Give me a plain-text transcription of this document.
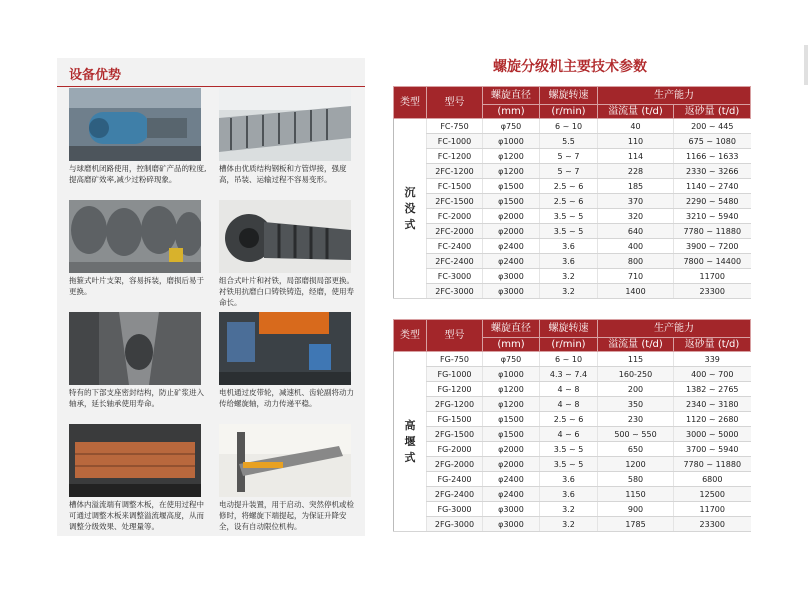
设备优势
与球磨机闭路使用，控制磨矿产品的粒度,提高磨矿效率,减少过粉碎现象。
槽体由优质结构钢板和方管焊接，强度高，吊装、运输过程不容易变形。
拖箍式叶片支架，容易拆装，磨损后易于更换。
组合式叶片和衬铁，局部磨损局部更换。衬铁用抗磨白口铸铁铸造，经磨，使用寿命长。
特有的下部支座密封结构，防止矿浆进入轴承，延长轴承使用寿命。
电机通过皮带轮，减速机、齿轮副将动力传给螺旋轴，动力传递平稳。
槽体内溢流端有调整木板，在使用过程中可通过调整木板来调整溢流堰高度，从而调整分级效果、处理量等。
电动提升装置，用于启动、突然停机或检修时，将螺旋下端提起，为保证升降安全，设有自动限位机构。
螺旋分级机主要技术参数
类型	型号	螺旋直径	螺旋转速	生产能力	
		(mm)	(r/min)	溢流量 (t/d)	返砂量 (t/d)

沉没式	FC-750	φ750	6 ~ 10	40	200 ~ 445
	FC-1000	φ1000	5.5	110	675 ~ 1080
	FC-1200	φ1200	5 ~ 7	114	1166 ~ 1633
	2FC-1200	φ1200	5 ~ 7	228	2330 ~ 3266
	FC-1500	φ1500	2.5 ~ 6	185	1140 ~ 2740
	2FC-1500	φ1500	2.5 ~ 6	370	2290 ~ 5480
	FC-2000	φ2000	3.5 ~ 5	320	3210 ~ 5940
	2FC-2000	φ2000	3.5 ~ 5	640	7780 ~ 11880
	FC-2400	φ2400	3.6	400	3900 ~ 7200
	2FC-2400	φ2400	3.6	800	7800 ~ 14400
	FC-3000	φ3000	3.2	710	11700
	2FC-3000	φ3000	3.2	1400	23300
类型	型号	螺旋直径	螺旋转速	生产能力	
		(mm)	(r/min)	溢流量 (t/d)	返砂量 (t/d)

高堰式	FG-750	φ750	6 ~ 10	115	339
	FG-1000	φ1000	4.3 ~ 7.4	160-250	400 ~ 700
	FG-1200	φ1200	4 ~ 8	200	1382 ~ 2765
	2FG-1200	φ1200	4 ~ 8	350	2340 ~ 3180
	FG-1500	φ1500	2.5 ~ 6	230	1120 ~ 2680
	2FG-1500	φ1500	4 ~ 6	500 ~ 550	3000 ~ 5000
	FG-2000	φ2000	3.5 ~ 5	650	3700 ~ 5940
	2FG-2000	φ2000	3.5 ~ 5	1200	7780 ~ 11880
	FG-2400	φ2400	3.6	580	6800
	2FG-2400	φ2400	3.6	1150	12500
	FG-3000	φ3000	3.2	900	11700
	2FG-3000	φ3000	3.2	1785	23300
